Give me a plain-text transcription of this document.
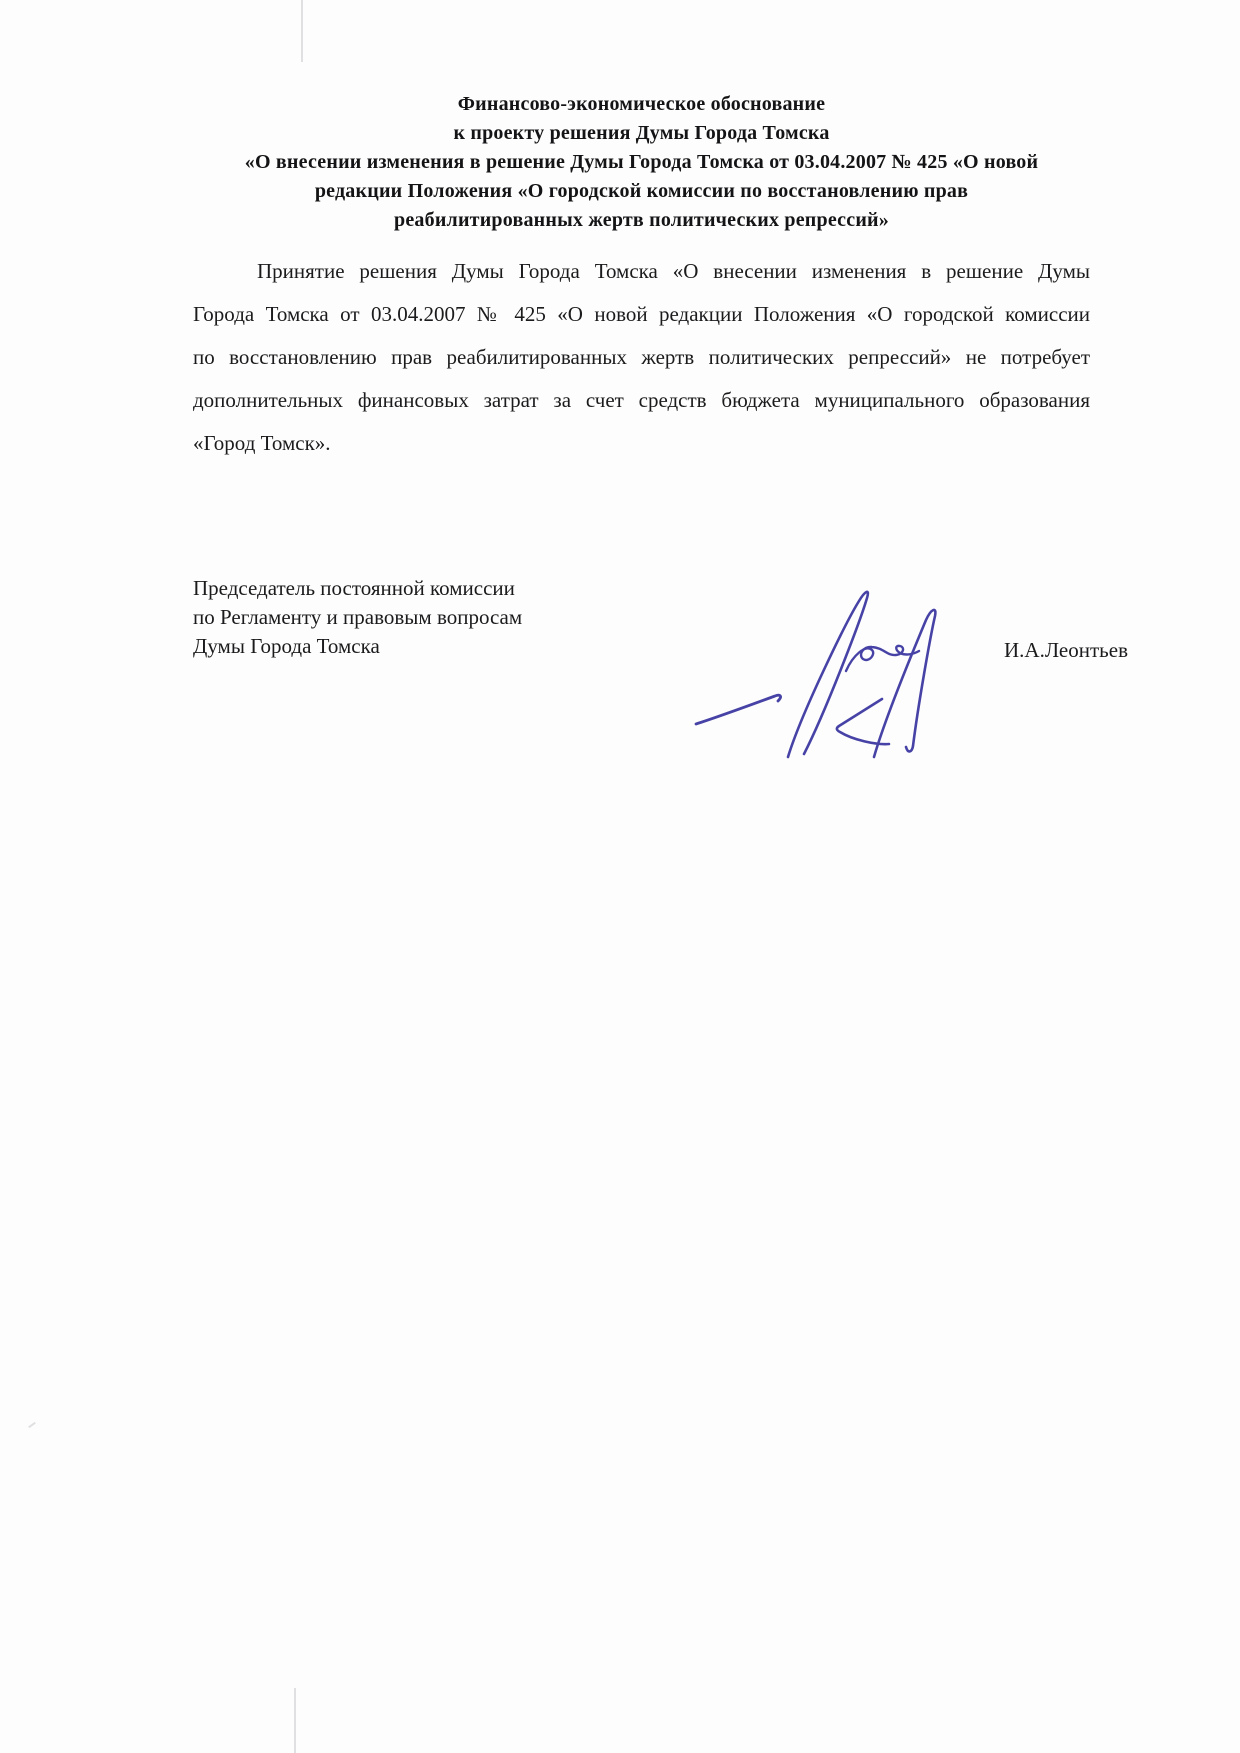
Финансово-экономическое обоснование
к проекту решения Думы Города Томска
«О внесении изменения в решение Думы Города Томска от 03.04.2007 № 425 «О новой
редакции Положения «О городской комиссии по восстановлению прав
реабилитированных жертв политических репрессий»
Принятие решения Думы Города Томска «О внесении изменения в решение Думы
Города Томска от 03.04.2007 № 425 «О новой редакции Положения «О городской комиссии
по восстановлению прав реабилитированных жертв политических репрессий» не потребует
дополнительных финансовых затрат за счет средств бюджета муниципального образования
«Город Томск».
Председатель постоянной комиссии
по Регламенту и правовым вопросам
Думы Города Томска	И.А.Леонтьев
